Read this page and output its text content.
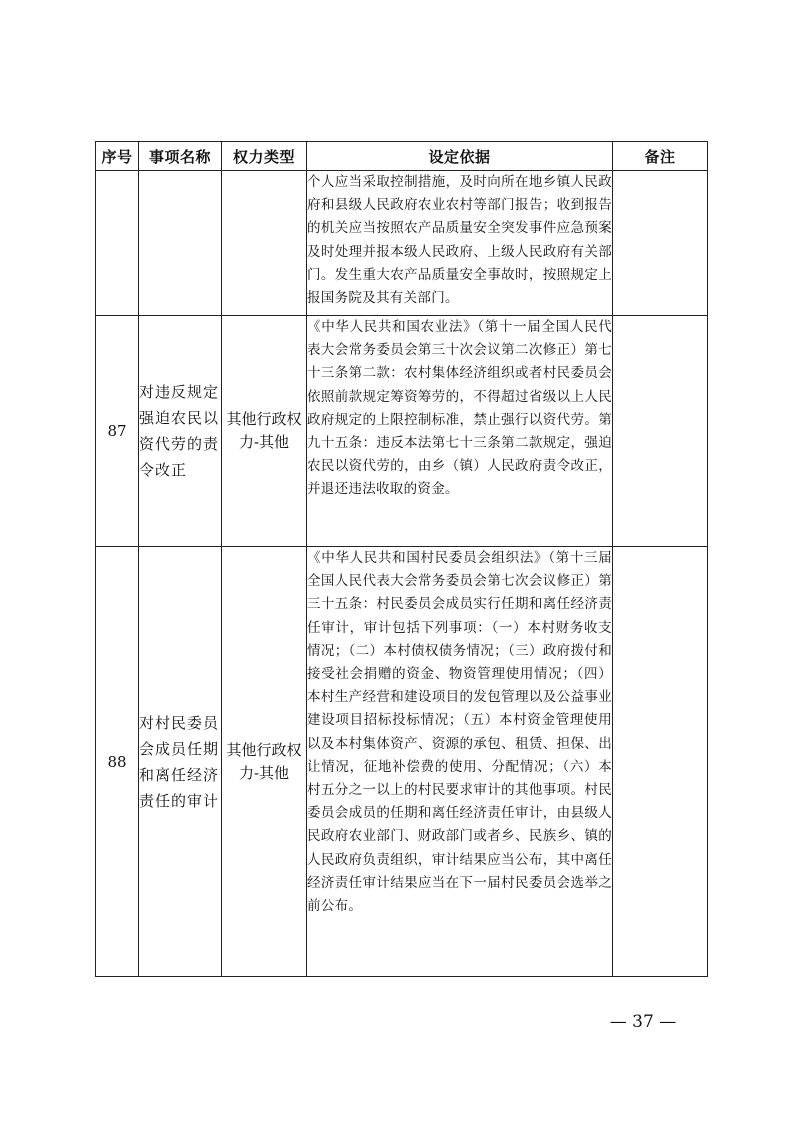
序号	事项名称	权力类型	设定依据	备注
			个人应当采取控制措施，及时向所在地乡镇人民政府和县级人民政府农业农村等部门报告；收到报告的机关应当按照农产品质量安全突发事件应急预案及时处理并报本级人民政府、上级人民政府有关部门。发生重大农产品质量安全事故时，按照规定上报国务院及其有关部门。	
87	对违反规定强迫农民以资代劳的责令改正	其他行政权力-其他	《中华人民共和国农业法》（第十一届全国人民代表大会常务委员会第三十次会议第二次修正）第七十三条第二款：农村集体经济组织或者村民委员会依照前款规定筹资筹劳的，不得超过省级以上人民政府规定的上限控制标准，禁止强行以资代劳。第九十五条：违反本法第七十三条第二款规定，强迫农民以资代劳的，由乡（镇）人民政府责令改正，并退还违法收取的资金。	
88	对村民委员会成员任期和离任经济责任的审计	其他行政权力-其他	《中华人民共和国村民委员会组织法》（第十三届全国人民代表大会常务委员会第七次会议修正）第三十五条：村民委员会成员实行任期和离任经济责任审计，审计包括下列事项：（一）本村财务收支情况；（二）本村债权债务情况；（三）政府拨付和接受社会捐赠的资金、物资管理使用情况；（四）本村生产经营和建设项目的发包管理以及公益事业建设项目招标投标情况；（五）本村资金管理使用以及本村集体资产、资源的承包、租赁、担保、出让情况，征地补偿费的使用、分配情况；（六）本村五分之一以上的村民要求审计的其他事项。村民委员会成员的任期和离任经济责任审计，由县级人民政府农业部门、财政部门或者乡、民族乡、镇的人民政府负责组织，审计结果应当公布，其中离任经济责任审计结果应当在下一届村民委员会选举之前公布。	
— 37 —
